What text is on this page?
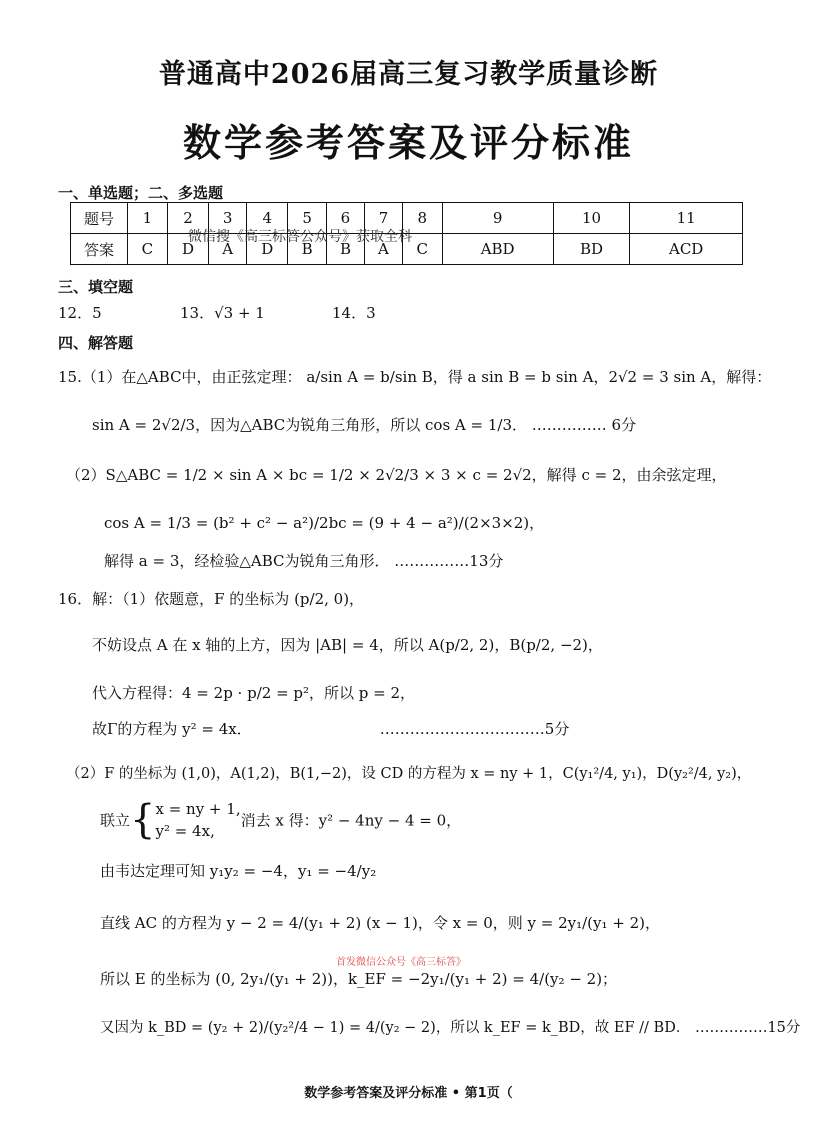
普通高中2026届高三复习教学质量诊断
数学参考答案及评分标准
一、单选题；二、多选题
题号	1	2	3	4	5	6	7	8	9	10	11
答案	C	D	A	D	B	B	A	C	ABD	BD	ACD
微信搜《高三标答公众号》获取全科
三、填空题
12．5	13．√3 + 1	14．3
四、解答题
15.（1）在△ABC中，由正弦定理： a/sin A = b/sin B，得 a sin B = b sin A，2√2 = 3 sin A，解得：
sin A = 2√2/3，因为△ABC为锐角三角形，所以 cos A = 1/3． …………… 6分
（2）S△ABC = 1/2 × sin A × bc = 1/2 × 2√2/3 × 3 × c = 2√2，解得 c = 2，由余弦定理，
cos A = 1/3 = (b² + c² − a²)/2bc = (9 + 4 − a²)/(2×3×2)，
解得 a = 3，经检验△ABC为锐角三角形． ……………13分
16．解：（1）依题意，F 的坐标为 (p/2, 0)，
不妨设点 A 在 x 轴的上方，因为 |AB| = 4，所以 A(p/2, 2)，B(p/2, −2)，
代入方程得：4 = 2p · p/2 = p²，所以 p = 2，
故Γ的方程为 y² = 4x．	……………………………5分
（2）F 的坐标为 (1,0)，A(1,2)，B(1,−2)，设 CD 的方程为 x = ny + 1，C(y₁²/4, y₁)，D(y₂²/4, y₂)，
联立{ x = ny + 1,
y² = 4x,
消去 x 得：y² − 4ny − 4 = 0，
由韦达定理可知 y₁y₂ = −4，y₁ = −4/y₂
直线 AC 的方程为 y − 2 = 4/(y₁ + 2) (x − 1)，令 x = 0，则 y = 2y₁/(y₁ + 2)，
所以 E 的坐标为 (0, 2y₁/(y₁ + 2))，k_EF = −2y₁/(y₁ + 2) = 4/(y₂ − 2)；
首发微信公众号《高三标答》
又因为 k_BD = (y₂ + 2)/(y₂²/4 − 1) = 4/(y₂ − 2)，所以 k_EF = k_BD，故 EF // BD． ……………15分
数学参考答案及评分标准 • 第1页（
